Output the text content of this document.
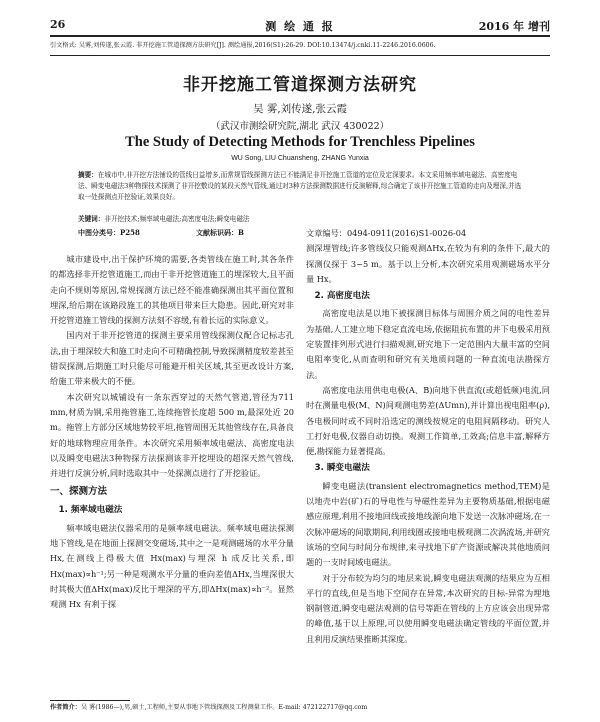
26	测 绘 通 报	2016 年 增刊
引文格式: 吴雾,刘传遂,张云霞. 非开挖施工管道探测方法研究[J]. 测绘通报,2016(S1):26-29. DOI:10.13474/j.cnki.11-2246.2016.0606.
非开挖施工管道探测方法研究
吴 雾,刘传遂,张云霞
（武汉市测绘研究院,湖北 武汉 430022）
The Study of Detecting Methods for Trenchless Pipelines
WU Song, LIU Chuansheng, ZHANG Yunxia
摘要：在城市中,非开挖方法铺设的管线日益增多,而常规管线探测方法已不能满足非开挖施工管道的定位及定深要求。本文采用频率域电磁法、高密度电法、瞬变电磁法3种物探技术探测了非开挖敷设的某段天然气管线,通过对3种方法探测数据进行反演解释,综合确定了该非开挖施工管道的走向及埋深,并选取一处探测点开挖验证,效果良好。
关键词：非开挖技术;频率域电磁法;高密度电法;瞬变电磁法
中图分类号：P258	文献标识码：B

城市建设中,出于保护环境的需要,各类管线在施工时,其各条件的都选择非开挖管道施工,而由于非开挖管道施工的埋深较大,且平面走向不规则等原因,常规探测方法已经不能准确探测出其平面位置和埋深,给后期在该路段施工的其他项目带来巨大隐患。因此,研究对非开挖管道施工管线的探测方法刻不容缓,有着长远的实际意义。

国内对于非开挖管道的探测主要采用管线探测仪配合记标志孔法,由于埋深较大和施工时走向不可精确控制,导致探测精度较差甚至错误探测,后期施工时只能尽可能避开相关区域,其至更改设计方案,给施工带来极大的不便。

本次研究以城铺设有一条东西穿过的天然气管道,管径为711 mm,材质为钢,采用拖管施工,连续拖管长度超 500 m,最深处近 20 m。拖管上方部分区域地势较平坦,拖管周围无其他管线存在,具备良好的地球物理应用条件。本次研究采用频率域电磁法、高密度电法以及瞬变电磁法3种物探方法探测该非开挖埋设的超深天然气管线,并进行反演分析,同时选取其中一处探测点进行了开挖验证。

一、探测方法
1. 频率域电磁法

频率域电磁法仪器采用的是频率域电磁法。频率域电磁法探测地下管线,是在地面上探测交变磁场,其中之一是观测磁场的水平分量 Hx,在测线上得极大值 Hx(max)与埋深 h 成反比关系,即 Hx(max)∝h⁻¹;另一种是观测水平分量的垂向差值ΔHx,当埋深很大时其极大值ΔHx(max)反比于埋深的平方,即ΔHx(max)∝h⁻²。显然观测 Hx 有利于探

文章编号：0494-0911(2016)S1-0026-04

测深埋管线;许多管线仪只能观测ΔHx,在较为有利的条件下,最大的探测仪探于 3~5 m。基于以上分析,本次研究采用观测磁场水平分量 Hx。

2. 高密度电法

高密度电法是以地下被探测目标体与周围介质之间的电性差异为基础,人工建立地下稳定直流电场,依据阻抗布置的井下电极采用预定装置排列形式进行扫描观测,研究地下一定范围内大量丰富的空间电阻率变化,从而查明和研究有关地质问题的一种直流电法勘探方法。

高密度电法用供电电极(A、B)向地下供直流(或超低频)电流,同时在测量电极(M、N)间观测电势差(ΔUmn),并计算出视电阻率(ρ),各电极同时或不同时沿选定的测线按规定的电阻间隔移动。研究人工打好电极,仪器自动切换。观测工作简单,工效高;信息丰富,解释方便,勘探能力显著提高。

3. 瞬变电磁法

瞬变电磁法(transient electromagnetics method,TEM)是以地壳中岩(矿)石的导电性与导磁性差异为主要物质基础,根据电磁感应原理,利用不接地回线或接地线源向地下发送一次脉冲磁场,在一次脉冲磁场的间歇期间,利用线圈或接地电极观测二次涡流场,并研究该场的空间与时间分布规律,来寻找地下矿产资源或解决其他地质问题的一支时间域电磁法。

对于分布较为均匀的地层来说,瞬变电磁法观测的结果应为互相平行的直线,但是当地下空间存在异常,本次研究的目标-异常为埋地钢制管道,瞬变电磁法观测的信号等距在管线的上方应该会出现异常的峰值,基于以上原理,可以使用瞬变电磁法确定管线的平面位置,并且利用反演结果推断其深度。

作者简介：吴 雾(1986—),男,硕士,工程师,主要从事地下管线探测及工程测量工作。E-mail: 472122717@qq.com
